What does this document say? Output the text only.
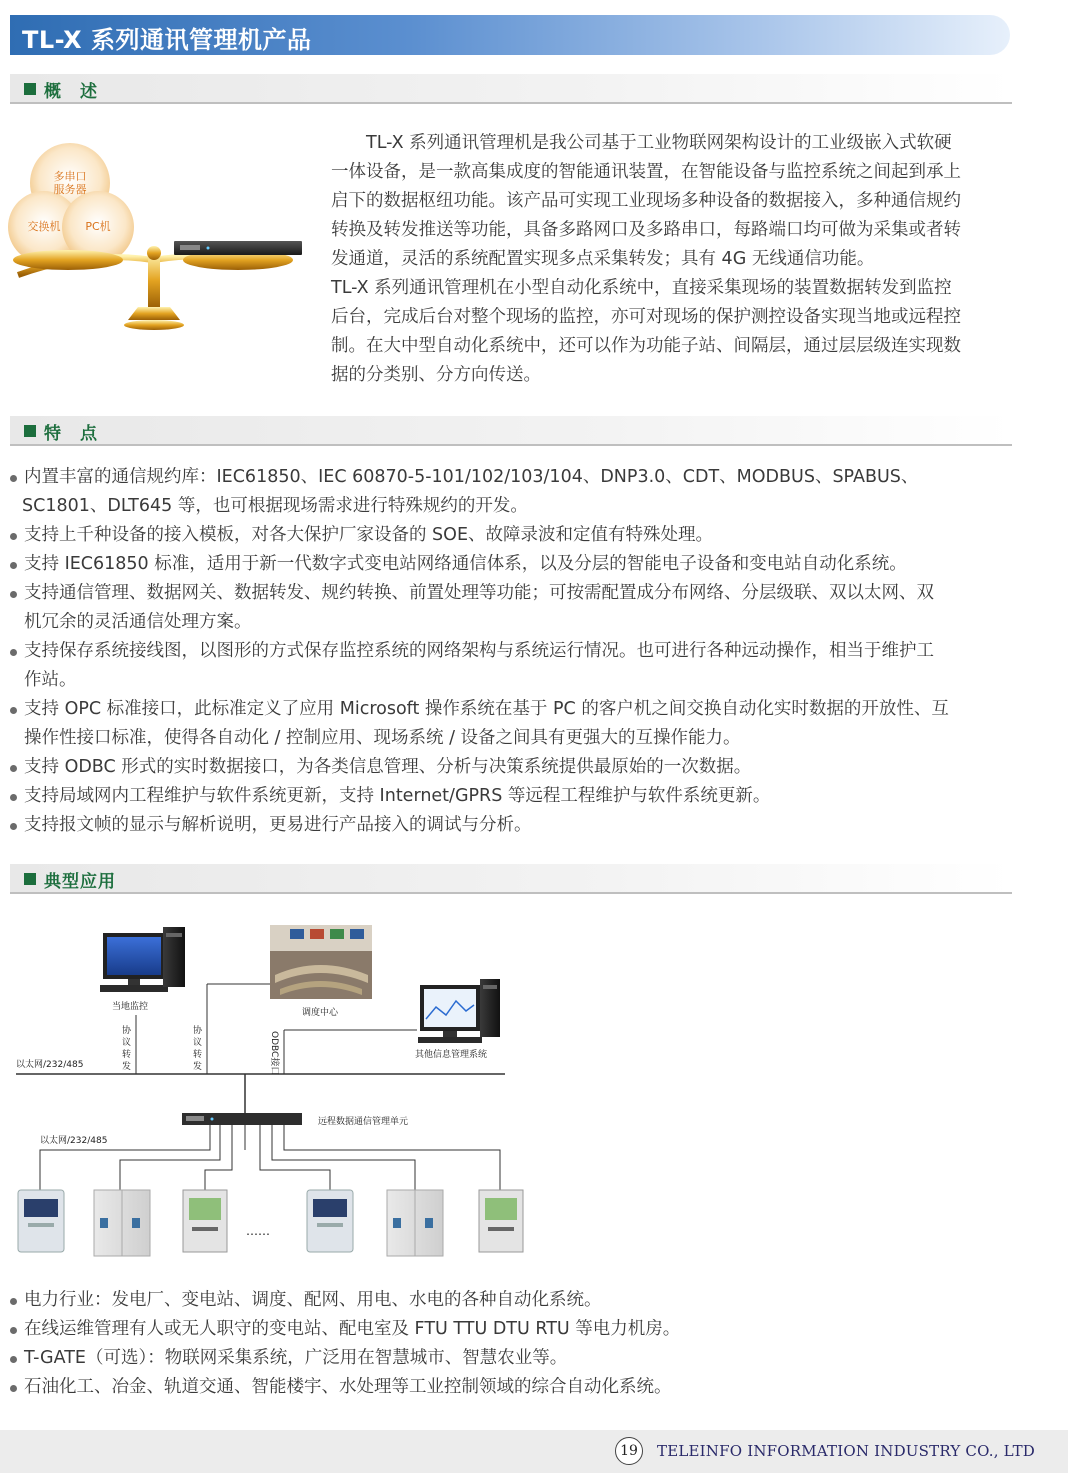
TL-X 系列通讯管理机产品
概　述
多串口
服务器
交换机 PC机
　　TL-X 系列通讯管理机是我公司基于工业物联网架构设计的工业级嵌入式软硬
一体设备，是一款高集成度的智能通讯装置，在智能设备与监控系统之间起到承上
启下的数据枢纽功能。该产品可实现工业现场多种设备的数据接入，多种通信规约
转换及转发推送等功能，具备多路网口及多路串口，每路端口均可做为采集或者转
发通道，灵活的系统配置实现多点采集转发；具有 4G 无线通信功能。
TL-X 系列通讯管理机在小型自动化系统中，直接采集现场的装置数据转发到监控
后台，完成后台对整个现场的监控，亦可对现场的保护测控设备实现当地或远程控
制。在大中型自动化系统中，还可以作为功能子站、间隔层，通过层层级连实现数
据的分类别、分方向传送。
特　点
内置丰富的通信规约库：IEC61850、IEC 60870-5-101/102/103/104、DNP3.0、CDT、MODBUS、SPABUS、
SC1801、DLT645 等，也可根据现场需求进行特殊规约的开发。
支持上千种设备的接入模板，对各大保护厂家设备的 SOE、故障录波和定值有特殊处理。
支持 IEC61850 标准，适用于新一代数字式变电站网络通信体系，以及分层的智能电子设备和变电站自动化系统。
支持通信管理、数据网关、数据转发、规约转换、前置处理等功能；可按需配置成分布网络、分层级联、双以太网、双
机冗余的灵活通信处理方案。
支持保存系统接线图，以图形的方式保存监控系统的网络架构与系统运行情况。也可进行各种远动操作，相当于维护工
作站。
支持 OPC 标准接口，此标准定义了应用 Microsoft 操作系统在基于 PC 的客户机之间交换自动化实时数据的开放性、互
操作性接口标准，使得各自动化 / 控制应用、现场系统 / 设备之间具有更强大的互操作能力。
支持 ODBC 形式的实时数据接口，为各类信息管理、分析与决策系统提供最原始的一次数据。
支持局域网内工程维护与软件系统更新，支持 Internet/GPRS 等远程工程维护与软件系统更新。
支持报文帧的显示与解析说明，更易进行产品接入的调试与分析。
典型应用
当地监控
调度中心
其他信息管理系统
协议转发
协议转发	ODBC接口
以太网/232/485
远程数据通信管理单元
以太网/232/485
……
电力行业：发电厂、变电站、调度、配网、用电、水电的各种自动化系统。
在线运维管理有人或无人职守的变电站、配电室及 FTU TTU DTU RTU 等电力机房。
T-GATE（可选）：物联网采集系统，广泛用在智慧城市、智慧农业等。
石油化工、冶金、轨道交通、智能楼宇、水处理等工业控制领域的综合自动化系统。
19	TELEINFO INFORMATION INDUSTRY CO., LTD
